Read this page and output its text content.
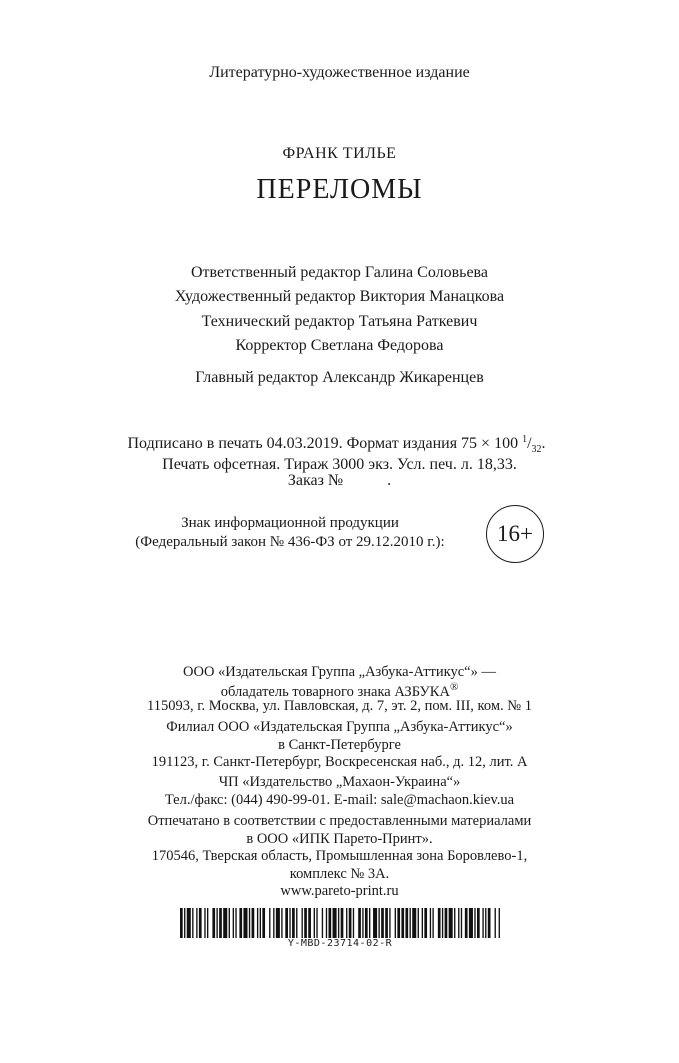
Литературно-художественное издание
ФРАНК ТИЛЬЕ
ПЕРЕЛОМЫ
Ответственный редактор Галина Соловьева
Художественный редактор Виктория Манацкова
Технический редактор Татьяна Раткевич
Корректор Светлана Федорова
Главный редактор Александр Жикаренцев
Подписано в печать 04.03.2019. Формат издания 75 × 100 $^1/_{32}$.
Печать офсетная. Тираж 3000 экз. Усл. печ. л. 18,33.
Заказ №	.
Знак информационной продукции
(Федеральный закон № 436-ФЗ от 29.12.2010 г.): 16+
ООО «Издательская Группа „Азбука-Аттикус“» —
обладатель товарного знака АЗБУКА®
115093, г. Москва, ул. Павловская, д. 7, эт. 2, пом. III, ком. № 1
Филиал ООО «Издательская Группа „Азбука-Аттикус“»
в Санкт-Петербурге
191123, г. Санкт-Петербург, Воскресенская наб., д. 12, лит. А
ЧП «Издательство „Махаон-Украина“»
Тел./факс: (044) 490-99-01. E-mail: sale@machaon.kiev.ua
Отпечатано в соответствии с предоставленными материалами
в ООО «ИПК Парето-Принт».
170546, Тверская область, Промышленная зона Боровлево-1,
комплекс № 3А.
www.pareto-print.ru
Y-MBD-23714-02-R
